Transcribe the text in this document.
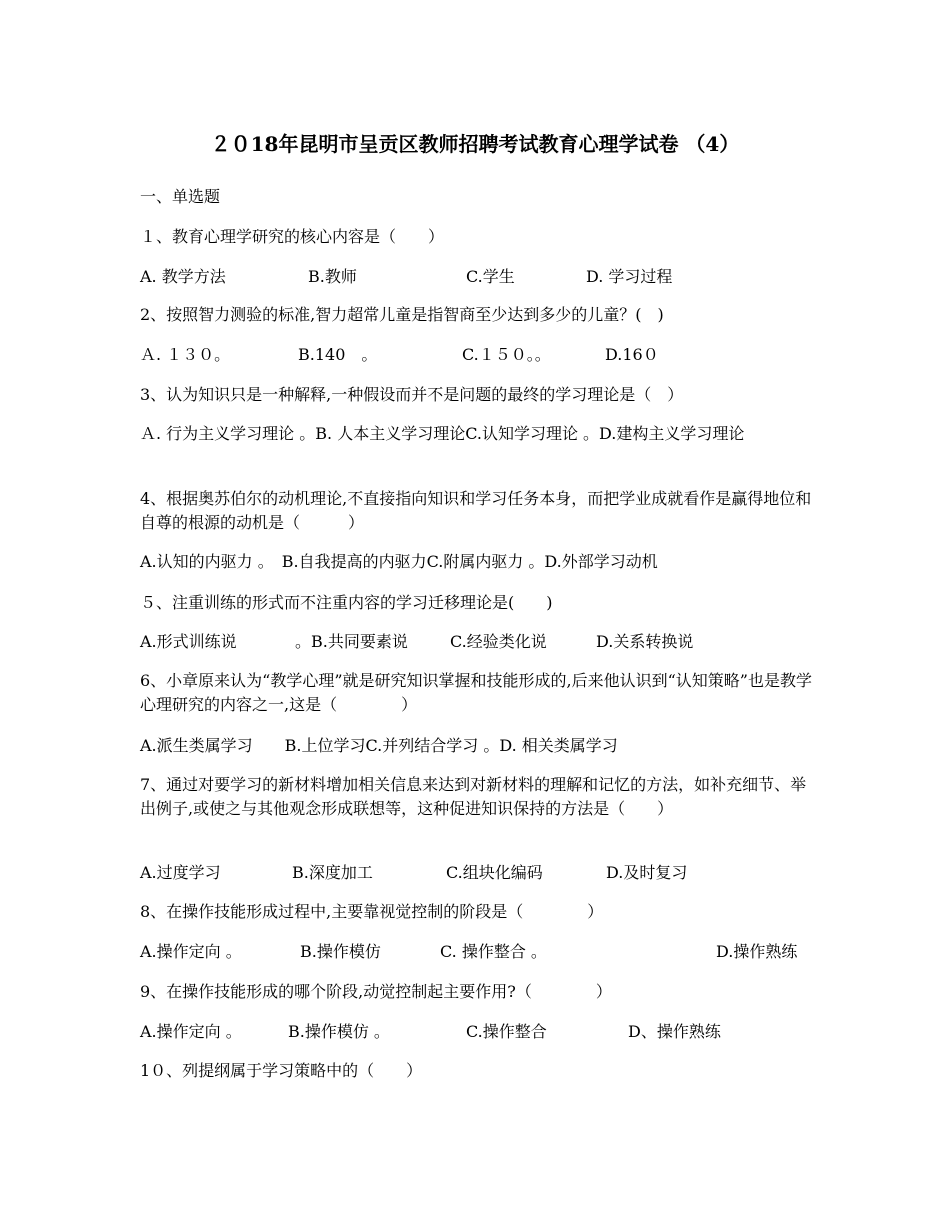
２０18年昆明市呈贡区教师招聘考试教育心理学试卷 （4）
一、单选题
１、教育心理学研究的核心内容是（　　）
A. 教学方法	B.教师	C.学生	D. 学习过程
2、按照智力测验的标准,智力超常儿童是指智商至少达到多少的儿童？(　)
Ａ. １３０。	B.140　。	C.１５０。。	D.16０
3、认为知识只是一种解释,一种假设而并不是问题的最终的学习理论是（　）
Ａ. 行为主义学习理论 。B. 人本主义学习理论C.认知学习理论 。D.建构主义学习理论
4、根据奥苏伯尔的动机理论,不直接指向知识和学习任务本身，而把学业成就看作是赢得地位和自尊的根源的动机是（　　　）
A.认知的内驱力 。　B.自我提高的内驱力C.附属内驱力 。D.外部学习动机
５、注重训练的形式而不注重内容的学习迁移理论是(　　)
A.形式训练说	。B.共同要素说	C.经验类化说	D.关系转换说
6、小章原来认为“教学心理”就是研究知识掌握和技能形成的,后来他认识到“认知策略”也是教学心理研究的内容之一,这是（　　　　）
A.派生类属学习　　B.上位学习C.并列结合学习 。D. 相关类属学习
7、通过对要学习的新材料增加相关信息来达到对新材料的理解和记忆的方法，如补充细节、举出例子,或使之与其他观念形成联想等，这种促进知识保持的方法是（　　）
A.过度学习	B.深度加工	C.组块化编码	D.及时复习
8、在操作技能形成过程中,主要靠视觉控制的阶段是（　　　　）
A.操作定向 。	B.操作模仿	C. 操作整合 。	D.操作熟练
9、在操作技能形成的哪个阶段,动觉控制起主要作用?（　　　　）
A.操作定向 。	B.操作模仿 。	C.操作整合	D、操作熟练
1０、列提纲属于学习策略中的（　　）
